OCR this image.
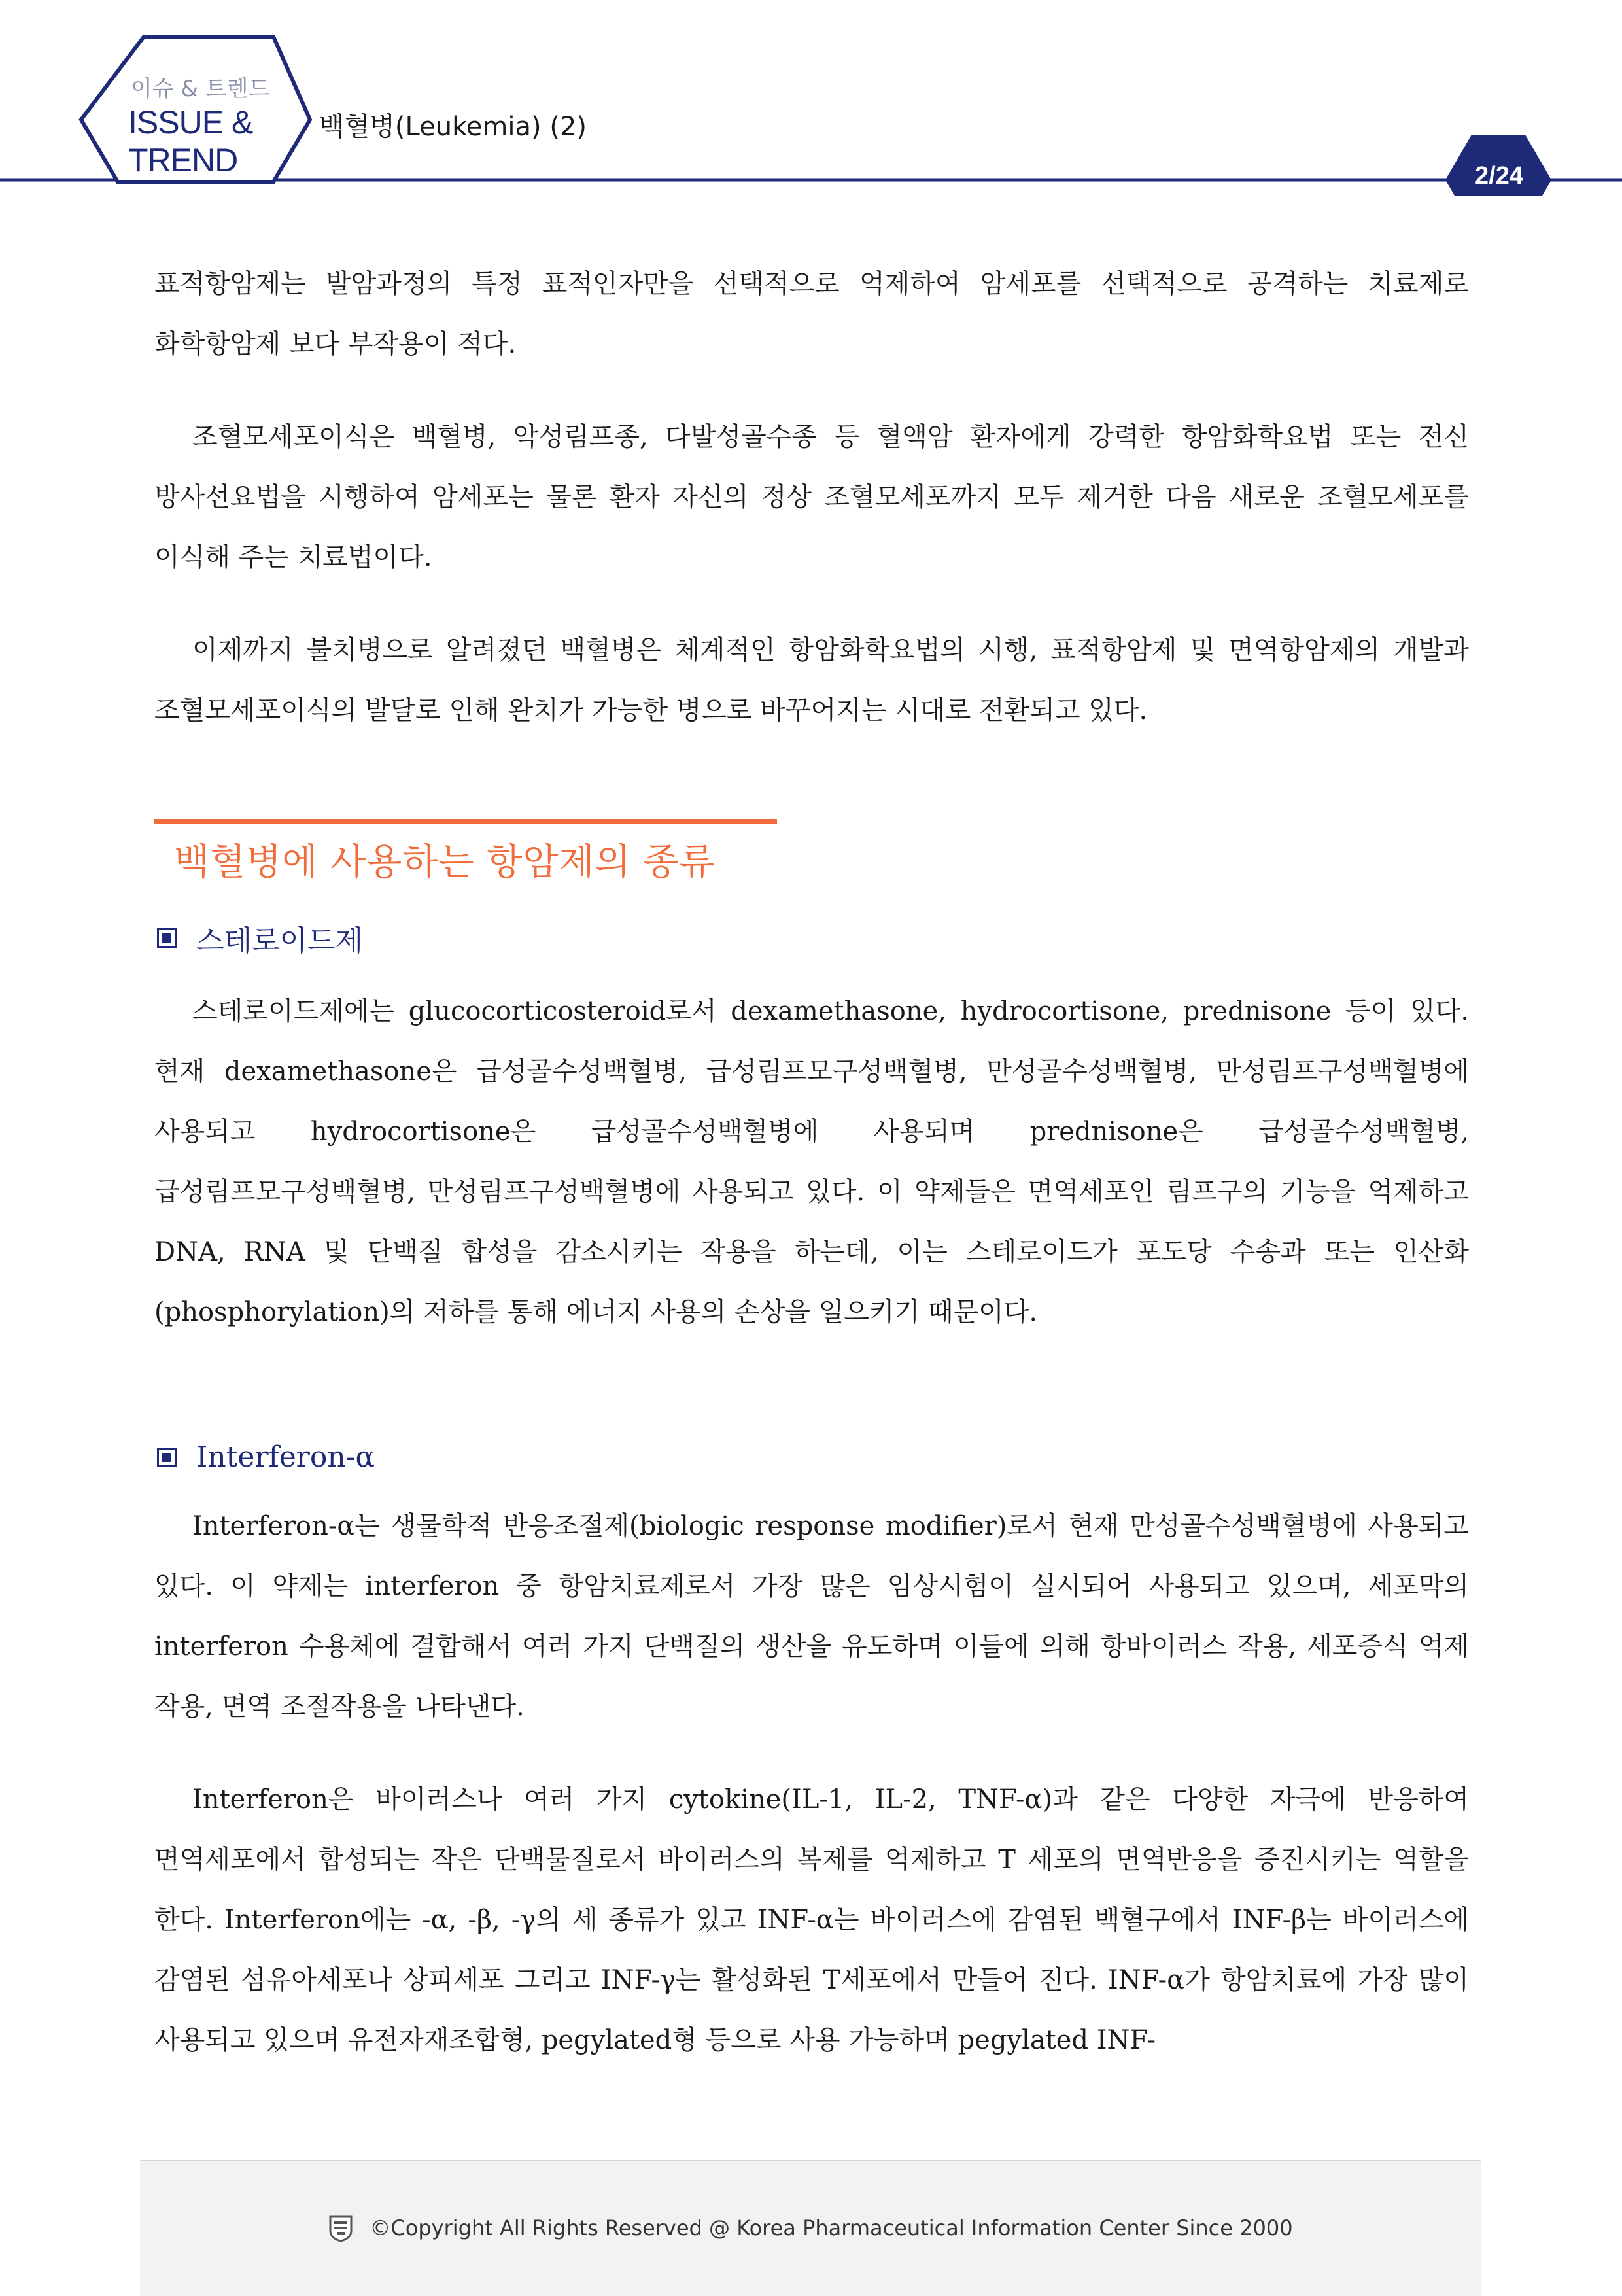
이슈 & 트렌드
ISSUE &
TREND
백혈병(Leukemia) (2)
2/24

표적항암제는 발암과정의 특정 표적인자만을 선택적으로 억제하여 암세포를 선택적으로 공격하는 치료제로 화학항암제 보다 부작용이 적다.

조혈모세포이식은 백혈병, 악성림프종, 다발성골수종 등 혈액암 환자에게 강력한 항암화학요법 또는 전신 방사선요법을 시행하여 암세포는 물론 환자 자신의 정상 조혈모세포까지 모두 제거한 다음 새로운 조혈모세포를 이식해 주는 치료법이다.

이제까지 불치병으로 알려졌던 백혈병은 체계적인 항암화학요법의 시행, 표적항암제 및 면역항암제의 개발과 조혈모세포이식의 발달로 인해 완치가 가능한 병으로 바꾸어지는 시대로 전환되고 있다.

백혈병에 사용하는 항암제의 종류
스테로이드제

스테로이드제에는 glucocorticosteroid로서 dexamethasone, hydrocortisone, prednisone 등이 있다. 현재 dexamethasone은 급성골수성백혈병, 급성림프모구성백혈병, 만성골수성백혈병, 만성림프구성백혈병에 사용되고 hydrocortisone은 급성골수성백혈병에 사용되며 prednisone은 급성골수성백혈병, 급성림프모구성백혈병, 만성림프구성백혈병에 사용되고 있다. 이 약제들은 면역세포인 림프구의 기능을 억제하고 DNA, RNA 및 단백질 합성을 감소시키는 작용을 하는데, 이는 스테로이드가 포도당 수송과 또는 인산화(phosphorylation)의 저하를 통해 에너지 사용의 손상을 일으키기 때문이다.

Interferon-α

Interferon-α는 생물학적 반응조절제(biologic response modifier)로서 현재 만성골수성백혈병에 사용되고 있다. 이 약제는 interferon 중 항암치료제로서 가장 많은 임상시험이 실시되어 사용되고 있으며, 세포막의 interferon 수용체에 결합해서 여러 가지 단백질의 생산을 유도하며 이들에 의해 항바이러스 작용, 세포증식 억제 작용, 면역 조절작용을 나타낸다.

Interferon은 바이러스나 여러 가지 cytokine(IL-1, IL-2, TNF-α)과 같은 다양한 자극에 반응하여 면역세포에서 합성되는 작은 단백물질로서 바이러스의 복제를 억제하고 T 세포의 면역반응을 증진시키는 역할을 한다. Interferon에는 -α, -β, -γ의 세 종류가 있고 INF-α는 바이러스에 감염된 백혈구에서 INF-β는 바이러스에 감염된 섬유아세포나 상피세포 그리고 INF-γ는 활성화된 T세포에서 만들어 진다. INF-α가 항암치료에 가장 많이 사용되고 있으며 유전자재조합형, pegylated형 등으로 사용 가능하며 pegylated INF-

©Copyright All Rights Reserved @ Korea Pharmaceutical Information Center Since 2000
